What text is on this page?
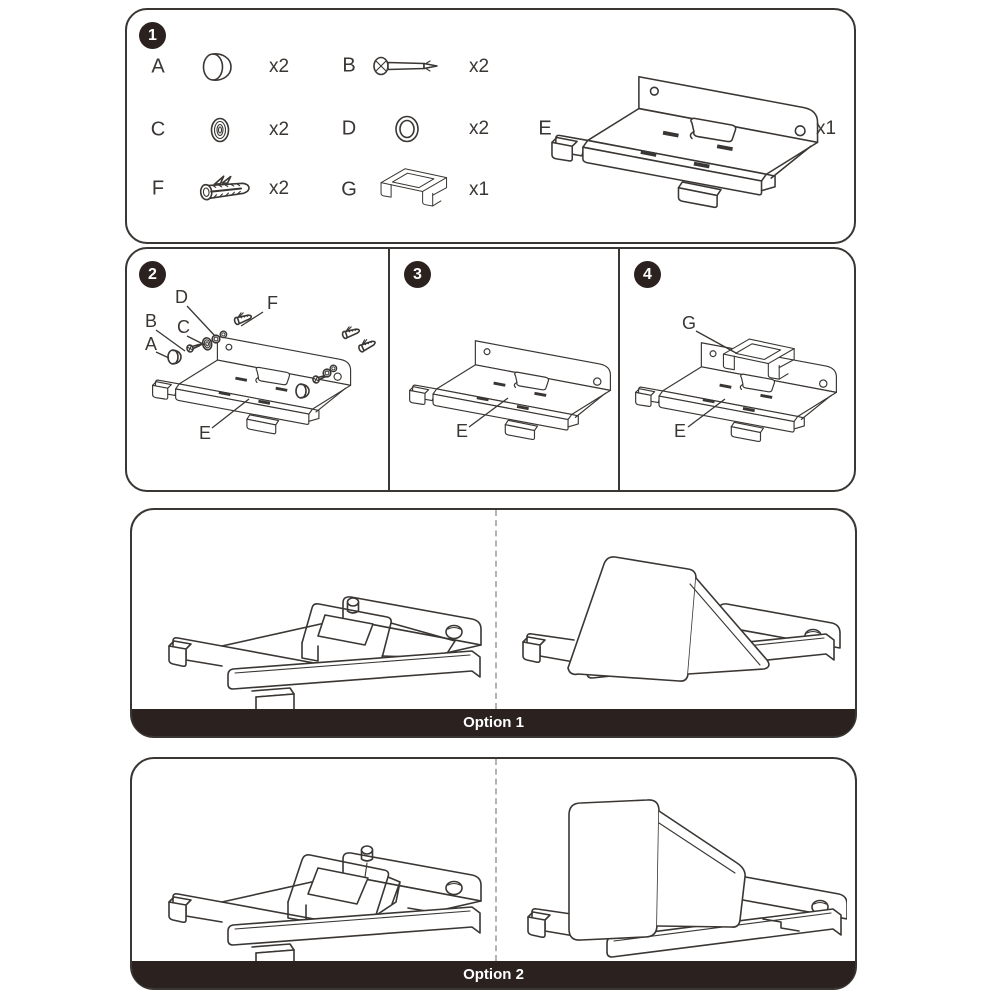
1
A	x2	B	x2
C	x2	D	x2
F	x2	G	x1
E	x1
2
D	F
B C
A
E
3
E
4
G
E
Option 1
Option 2
